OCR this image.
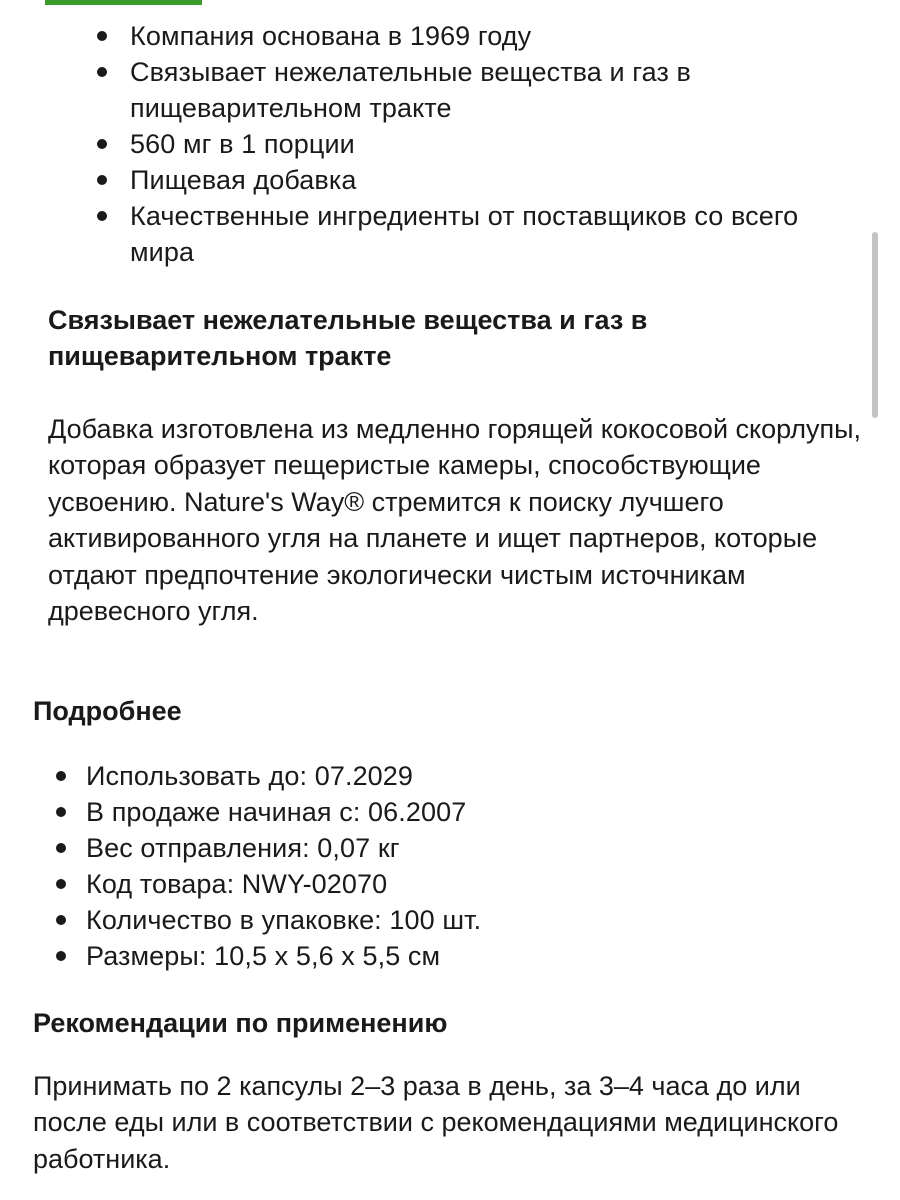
Компания основана в 1969 году
Связывает нежелательные вещества и газ в пищеварительном тракте
560 мг в 1 порции
Пищевая добавка
Качественные ингредиенты от поставщиков со всего мира
Связывает нежелательные вещества и газ в пищеварительном тракте

Добавка изготовлена из медленно горящей кокосовой скорлупы, которая образует пещеристые камеры, способствующие усвоению. Nature's Way® стремится к поиску лучшего активированного угля на планете и ищет партнеров, которые отдают предпочтение экологически чистым источникам древесного угля.

Подробнее
Использовать до: 07.2029
В продаже начиная с: 06.2007
Вес отправления: 0,07 кг
Код товара: NWY-02070
Количество в упаковке: 100 шт.
Размеры: 10,5 x 5,6 x 5,5 см
Рекомендации по применению

Принимать по 2 капсулы 2–3 раза в день, за 3–4 часа до или после еды или в соответствии с рекомендациями медицинского работника.
